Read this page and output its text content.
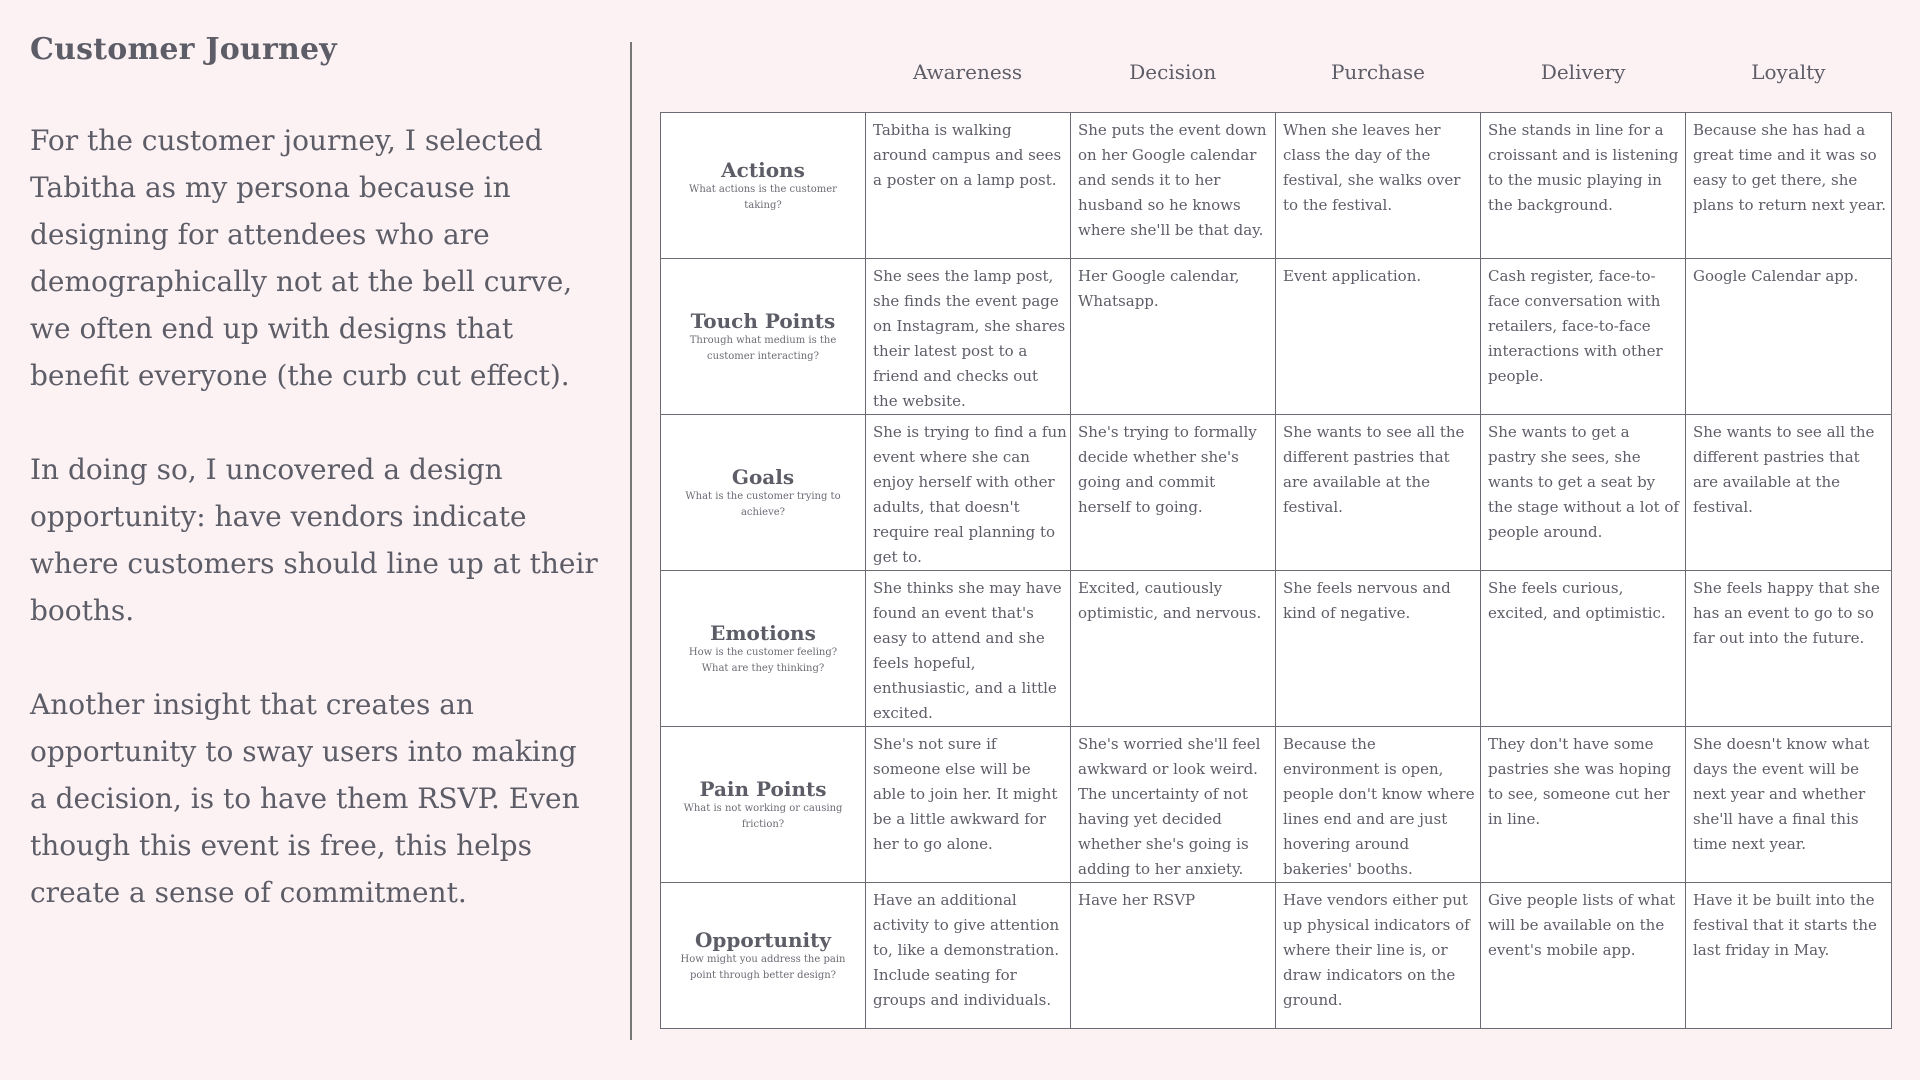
Customer Journey

For the customer journey, I selected Tabitha as my persona because in designing for attendees who are demographically not at the bell curve, we often end up with designs that benefit everyone (the curb cut effect).

In doing so, I uncovered a design opportunity: have vendors indicate where customers should line up at their booths.

Another insight that creates an opportunity to sway users into making a decision, is to have them RSVP. Even though this event is free, this helps create a sense of commitment.

Awareness	Decision	Purchase	Delivery	Loyalty
Actions
What actions is the customer taking?	Tabitha is walking around campus and sees a poster on a lamp post.	She puts the event down on her Google calendar and sends it to her husband so he knows where she'll be that day.	When she leaves her class the day of the festival, she walks over to the festival.	She stands in line for a croissant and is listening to the music playing in the background.	Because she has had a great time and it was so easy to get there, she plans to return next year.

Touch Points
Through what medium is the customer interacting?	She sees the lamp post, she finds the event page on Instagram, she shares their latest post to a friend and checks out the website.	Her Google calendar, Whatsapp.	Event application.	Cash register, face-to-face conversation with retailers, face-to-face interactions with other people.	Google Calendar app.

Goals
What is the customer trying to achieve?	She is trying to find a fun event where she can enjoy herself with other adults, that doesn't require real planning to get to.	She's trying to formally decide whether she's going and commit herself to going.	She wants to see all the different pastries that are available at the festival.	She wants to get a pastry she sees, she wants to get a seat by the stage without a lot of people around.	She wants to see all the different pastries that are available at the festival.

Emotions
How is the customer feeling? What are they thinking?	She thinks she may have found an event that's easy to attend and she feels hopeful, enthusiastic, and a little excited.	Excited, cautiously optimistic, and nervous.	She feels nervous and kind of negative.	She feels curious, excited, and optimistic.	She feels happy that she has an event to go to so far out into the future.

Pain Points
What is not working or causing friction?	She's not sure if someone else will be able to join her. It might be a little awkward for her to go alone.	She's worried she'll feel awkward or look weird. The uncertainty of not having yet decided whether she's going is adding to her anxiety.	Because the environment is open, people don't know where lines end and are just hovering around bakeries' booths.	They don't have some pastries she was hoping to see, someone cut her in line.	She doesn't know what days the event will be next year and whether she'll have a final this time next year.

Opportunity
How might you address the pain point through better design?	Have an additional activity to give attention to, like a demonstration. Include seating for groups and individuals.	Have her RSVP	Have vendors either put up physical indicators of where their line is, or draw indicators on the ground.	Give people lists of what will be available on the event's mobile app.	Have it be built into the festival that it starts the last friday in May.
